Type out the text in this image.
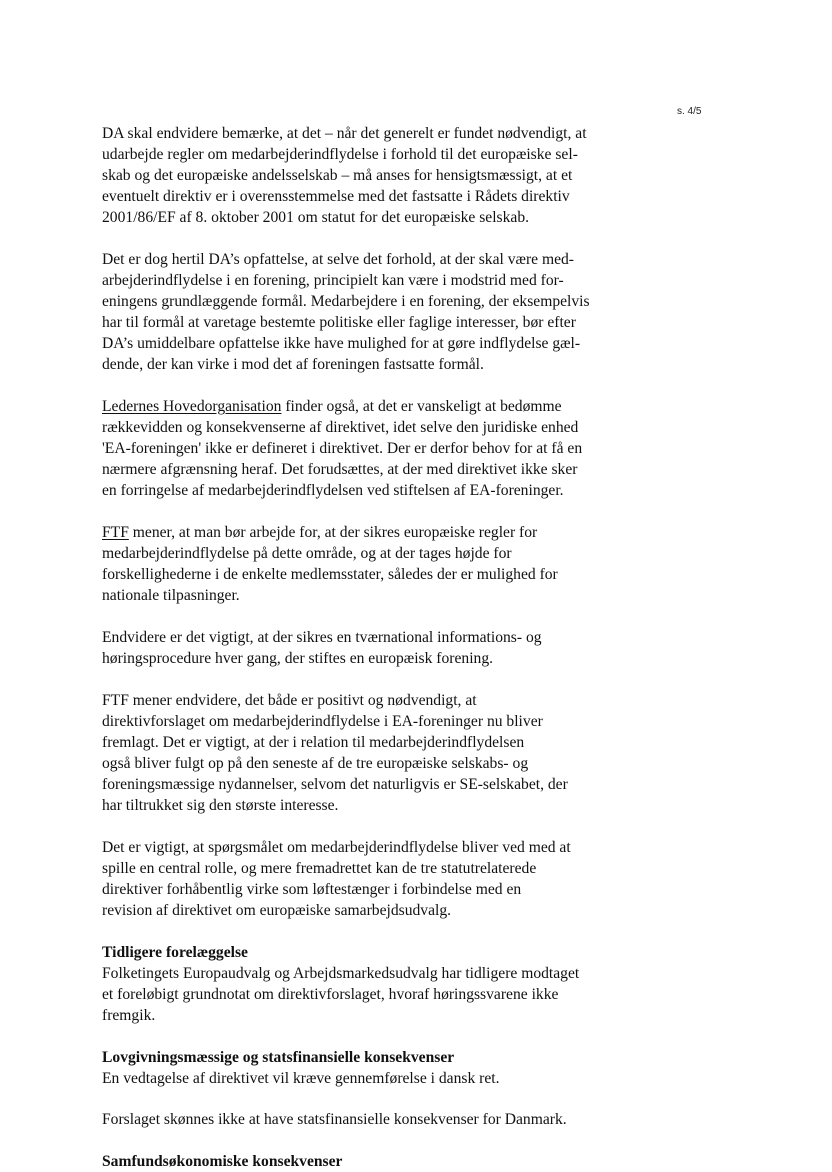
s. 4/5
DA skal endvidere bemærke, at det – når det generelt er fundet nødvendigt, at
udarbejde regler om medarbejderindflydelse i forhold til det europæiske sel-
skab og det europæiske andelsselskab – må anses for hensigtsmæssigt, at et
eventuelt direktiv er i overensstemmelse med det fastsatte i Rådets direktiv
2001/86/EF af 8. oktober 2001 om statut for det europæiske selskab.
Det er dog hertil DA’s opfattelse, at selve det forhold, at der skal være med-
arbejderindflydelse i en forening, principielt kan være i modstrid med for-
eningens grundlæggende formål. Medarbejdere i en forening, der eksempelvis
har til formål at varetage bestemte politiske eller faglige interesser, bør efter
DA’s umiddelbare opfattelse ikke have mulighed for at gøre indflydelse gæl-
dende, der kan virke i mod det af foreningen fastsatte formål.
Ledernes Hovedorganisation finder også, at det er vanskeligt at bedømme
rækkevidden og konsekvenserne af direktivet, idet selve den juridiske enhed
'EA-foreningen' ikke er defineret i direktivet. Der er derfor behov for at få en
nærmere afgrænsning heraf. Det forudsættes, at der med direktivet ikke sker
en forringelse af medarbejderindflydelsen ved stiftelsen af EA-foreninger.
FTF mener, at man bør arbejde for, at der sikres europæiske regler for
medarbejderindflydelse på dette område, og at der tages højde for
forskellighederne i de enkelte medlemsstater, således der er mulighed for
nationale tilpasninger.
Endvidere er det vigtigt, at der sikres en tværnational informations- og
høringsprocedure hver gang, der stiftes en europæisk forening.
FTF mener endvidere, det både er positivt og nødvendigt, at
direktivforslaget om medarbejderindflydelse i EA-foreninger nu bliver
fremlagt. Det er vigtigt, at der i relation til medarbejderindflydelsen
også bliver fulgt op på den seneste af de tre europæiske selskabs- og
foreningsmæssige nydannelser, selvom det naturligvis er SE-selskabet, der
har tiltrukket sig den største interesse.
Det er vigtigt, at spørgsmålet om medarbejderindflydelse bliver ved med at
spille en central rolle, og mere fremadrettet kan de tre statutrelaterede
direktiver forhåbentlig virke som løftestænger i forbindelse med en
revision af direktivet om europæiske samarbejdsudvalg.
Tidligere forelæggelse
Folketingets Europaudvalg og Arbejdsmarkedsudvalg har tidligere modtaget
et foreløbigt grundnotat om direktivforslaget, hvoraf høringssvarene ikke
fremgik.
Lovgivningsmæssige og statsfinansielle konsekvenser
En vedtagelse af direktivet vil kræve gennemførelse i dansk ret.
Forslaget skønnes ikke at have statsfinansielle konsekvenser for Danmark.
Samfundsøkonomiske konsekvenser
